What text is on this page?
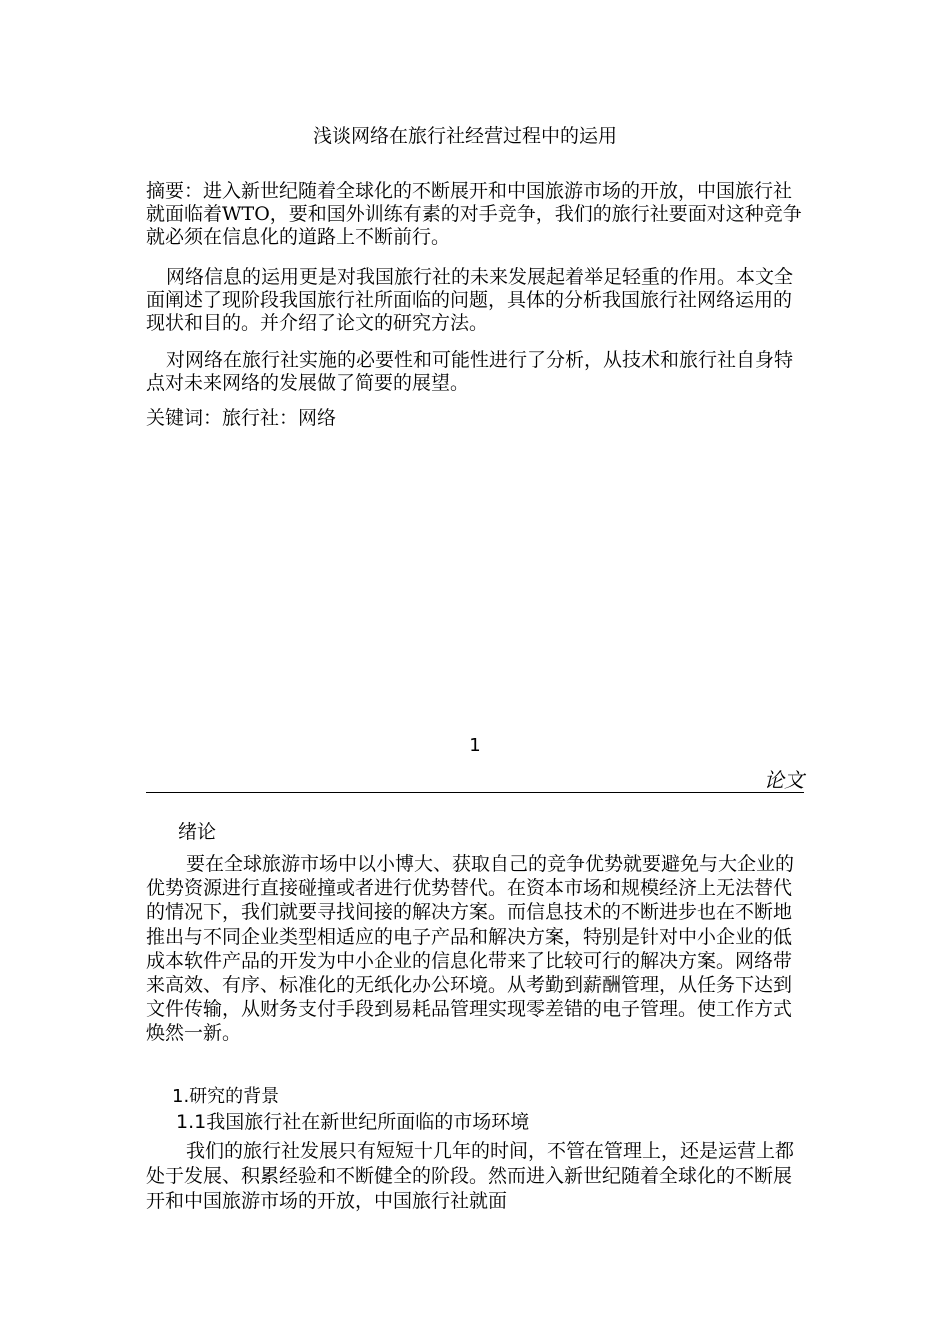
浅谈网络在旅行社经营过程中的运用

摘要：进入新世纪随着全球化的不断展开和中国旅游市场的开放，中国旅行社就面临着WTO，要和国外训练有素的对手竞争，我们的旅行社要面对这种竞争就必须在信息化的道路上不断前行。

网络信息的运用更是对我国旅行社的未来发展起着举足轻重的作用。本文全面阐述了现阶段我国旅行社所面临的问题，具体的分析我国旅行社网络运用的现状和目的。并介绍了论文的研究方法。

对网络在旅行社实施的必要性和可能性进行了分析，从技术和旅行社自身特点对未来网络的发展做了简要的展望。

关键词：旅行社：网络

1
论文
绪论

要在全球旅游市场中以小博大、获取自己的竞争优势就要避免与大企业的优势资源进行直接碰撞或者进行优势替代。在资本市场和规模经济上无法替代的情况下，我们就要寻找间接的解决方案。而信息技术的不断进步也在不断地推出与不同企业类型相适应的电子产品和解决方案，特别是针对中小企业的低成本软件产品的开发为中小企业的信息化带来了比较可行的解决方案。网络带来高效、有序、标准化的无纸化办公环境。从考勤到薪酬管理，从任务下达到文件传输，从财务支付手段到易耗品管理实现零差错的电子管理。使工作方式焕然一新。

1.研究的背景
1.1我国旅行社在新世纪所面临的市场环境

我们的旅行社发展只有短短十几年的时间，不管在管理上，还是运营上都处于发展、积累经验和不断健全的阶段。然而进入新世纪随着全球化的不断展开和中国旅游市场的开放，中国旅行社就面
